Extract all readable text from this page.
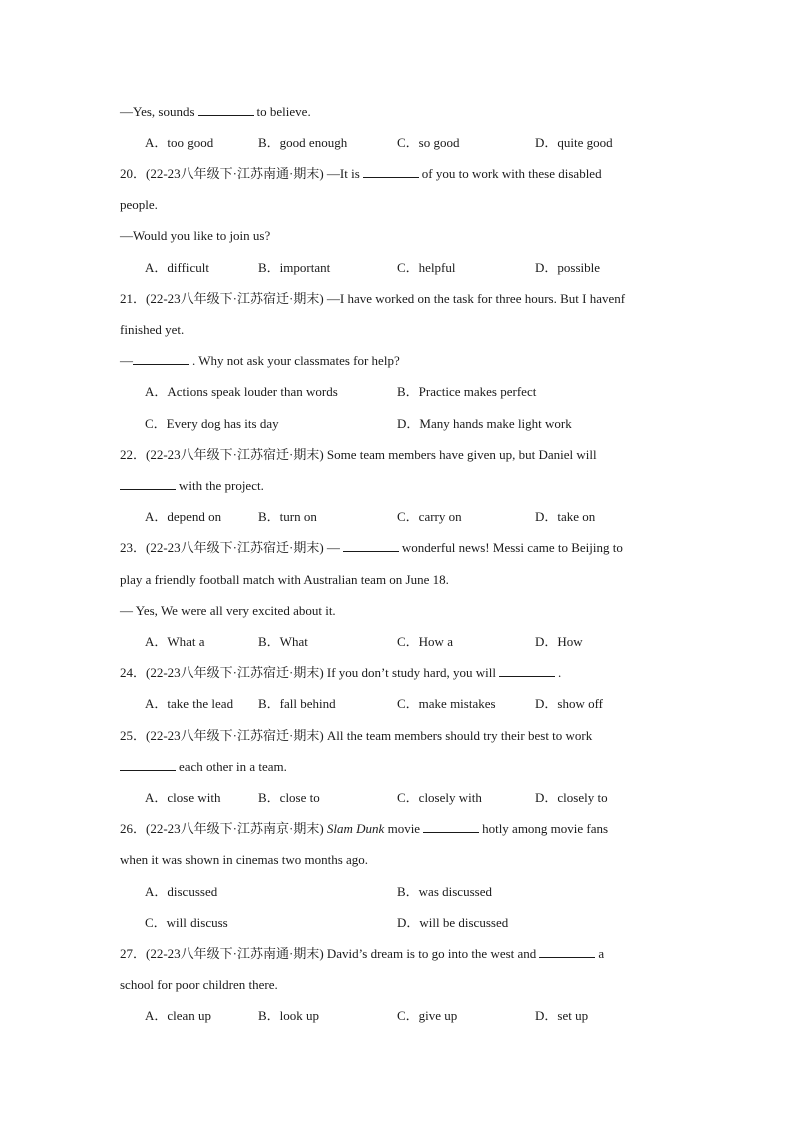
—Yes, sounds	to believe.
A．too good	B．good enough	C．so good	D．quite good
20．(22-23八年级下·江苏南通·期末) —It is	of you to work with these disabled
people.
—Would you like to join us?
A．difficult	B．important	C．helpful	D．possible
21．(22-23八年级下·江苏宿迁·期末) —I have worked on the task for three hours. But I havenf
finished yet.
—	. Why not ask your classmates for help?
A．Actions speak louder than words	B．Practice makes perfect
C．Every dog has its day	D．Many hands make light work
22．(22-23八年级下·江苏宿迁·期末) Some team members have given up, but Daniel will
with the project.
A．depend on	B．turn on	C．carry on	D．take on
23．(22-23八年级下·江苏宿迁·期末) —	wonderful news! Messi came to Beijing to
play a friendly football match with Australian team on June 18.
— Yes, We were all very excited about it.
A．What a	B．What	C．How a	D．How
24．(22-23八年级下·江苏宿迁·期末) If you don’t study hard, you will	.
A．take the lead B．fall behind	C．make mistakes	D．show off
25．(22-23八年级下·江苏宿迁·期末) All the team members should try their best to work
each other in a team.
A．close with	B．close to	C．closely with	D．closely to
26．(22-23八年级下·江苏南京·期末) Slam Dunk movie	hotly among movie fans
when it was shown in cinemas two months ago.
A．discussed	B．was discussed
C．will discuss	D．will be discussed
27．(22-23八年级下·江苏南通·期末) David’s dream is to go into the west and	a
school for poor children there.
A．clean up	B．look up	C．give up	D．set up
